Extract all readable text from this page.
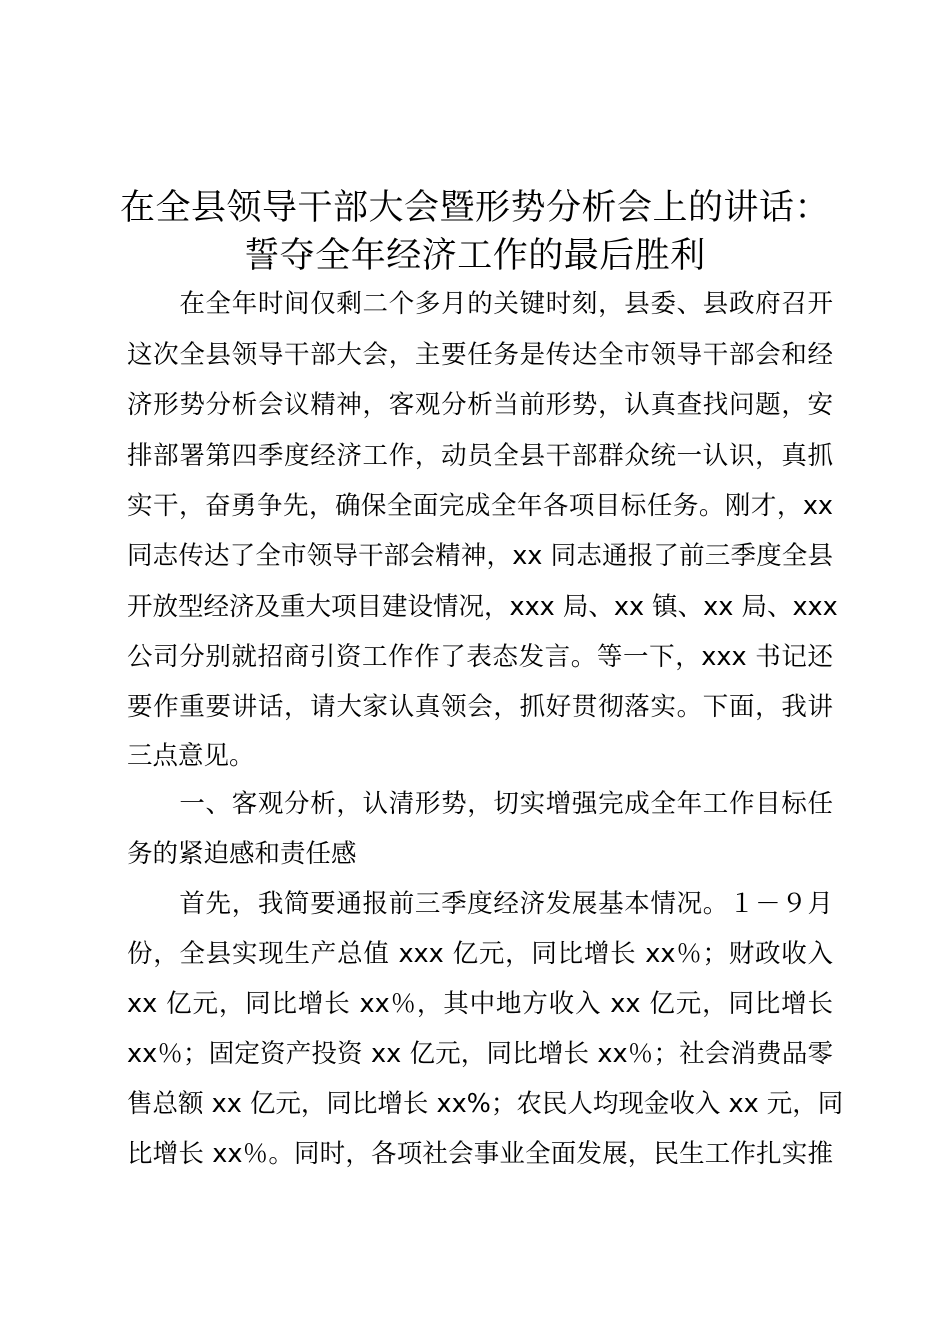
在全县领导干部大会暨形势分析会上的讲话：
誓夺全年经济工作的最后胜利
　　在全年时间仅剩二个多月的关键时刻，县委、县政府召开
这次全县领导干部大会，主要任务是传达全市领导干部会和经
济形势分析会议精神，客观分析当前形势，认真查找问题，安
排部署第四季度经济工作，动员全县干部群众统一认识，真抓
实干，奋勇争先，确保全面完成全年各项目标任务。刚才，xx
同志传达了全市领导干部会精神，xx 同志通报了前三季度全县
开放型经济及重大项目建设情况，xxx 局、xx 镇、xx 局、xxx
公司分别就招商引资工作作了表态发言。等一下，xxx 书记还
要作重要讲话，请大家认真领会，抓好贯彻落实。下面，我讲
三点意见。
　　一、客观分析，认清形势，切实增强完成全年工作目标任
务的紧迫感和责任感
　　首先，我简要通报前三季度经济发展基本情况。１－９月
份，全县实现生产总值 xxx 亿元，同比增长 xx％；财政收入
xx 亿元，同比增长 xx％，其中地方收入 xx 亿元，同比增长
xx％；固定资产投资 xx 亿元，同比增长 xx％；社会消费品零
售总额 xx 亿元，同比增长 xx%；农民人均现金收入 xx 元，同
比增长 xx％。同时，各项社会事业全面发展，民生工作扎实推
